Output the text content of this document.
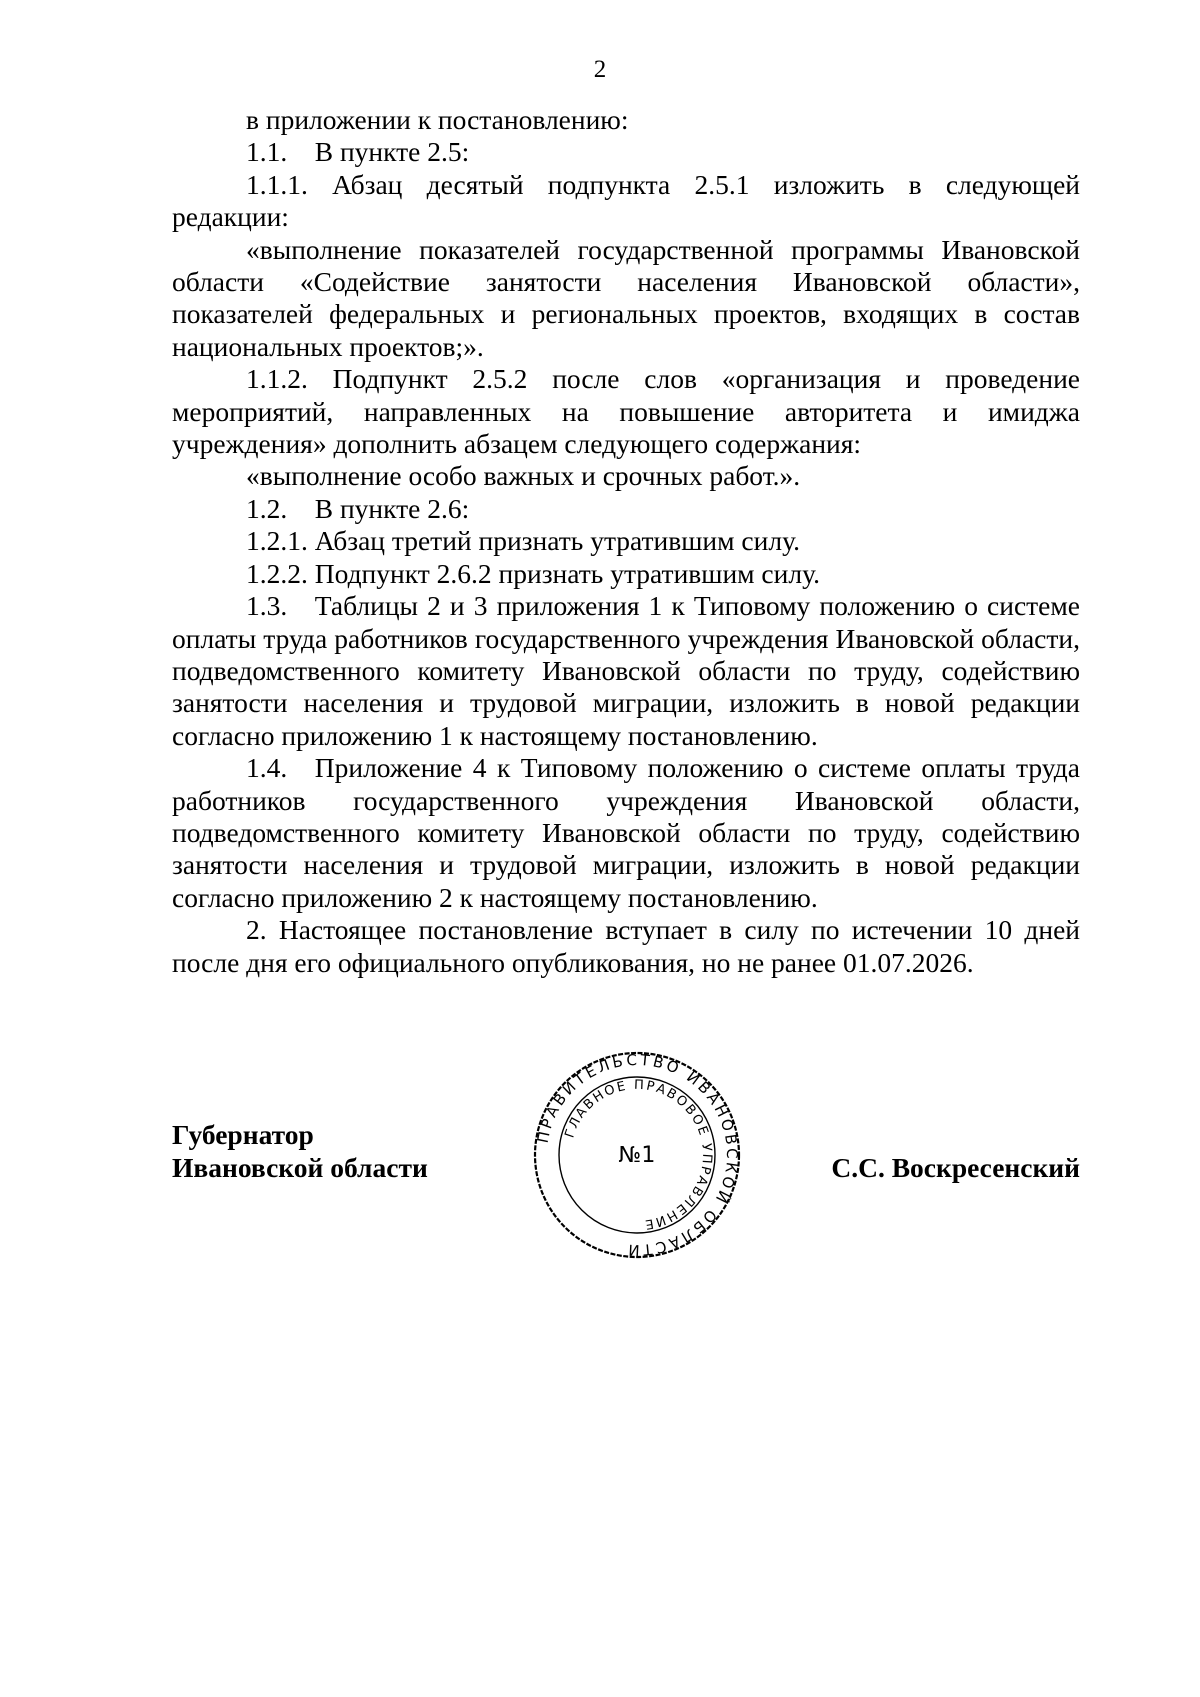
2

в приложении к постановлению:

1.1. В пункте 2.5:

1.1.1. Абзац десятый подпункта 2.5.1 изложить в следующей редакции:

«выполнение показателей государственной программы Ивановской области «Содействие занятости населения Ивановской области», показателей федеральных и региональных проектов, входящих в состав национальных проектов;».

1.1.2. Подпункт 2.5.2 после слов «организация и проведение мероприятий, направленных на повышение авторитета и имиджа учреждения» дополнить абзацем следующего содержания:

«выполнение особо важных и срочных работ.».

1.2. В пункте 2.6:

1.2.1. Абзац третий признать утратившим силу.

1.2.2. Подпункт 2.6.2 признать утратившим силу.

1.3. Таблицы 2 и 3 приложения 1 к Типовому положению о системе оплаты труда работников государственного учреждения Ивановской области, подведомственного комитету Ивановской области по труду, содействию занятости населения и трудовой миграции, изложить в новой редакции согласно приложению 1 к настоящему постановлению.

1.4. Приложение 4 к Типовому положению о системе оплаты труда работников государственного учреждения Ивановской области, подведомственного комитету Ивановской области по труду, содействию занятости населения и трудовой миграции, изложить в новой редакции согласно приложению 2 к настоящему постановлению.

2. Настоящее постановление вступает в силу по истечении 10 дней после дня его официального опубликования, но не ранее 01.07.2026.

Губернатор
Ивановской области	С.С. Воскресенский
ПРАВИТЕЛЬСТВО ИВАНОВСКОЙ ОБЛАСТИ
ГЛАВНОЕ ПРАВОВОЕ УПРАВЛЕНИЕ
№1
